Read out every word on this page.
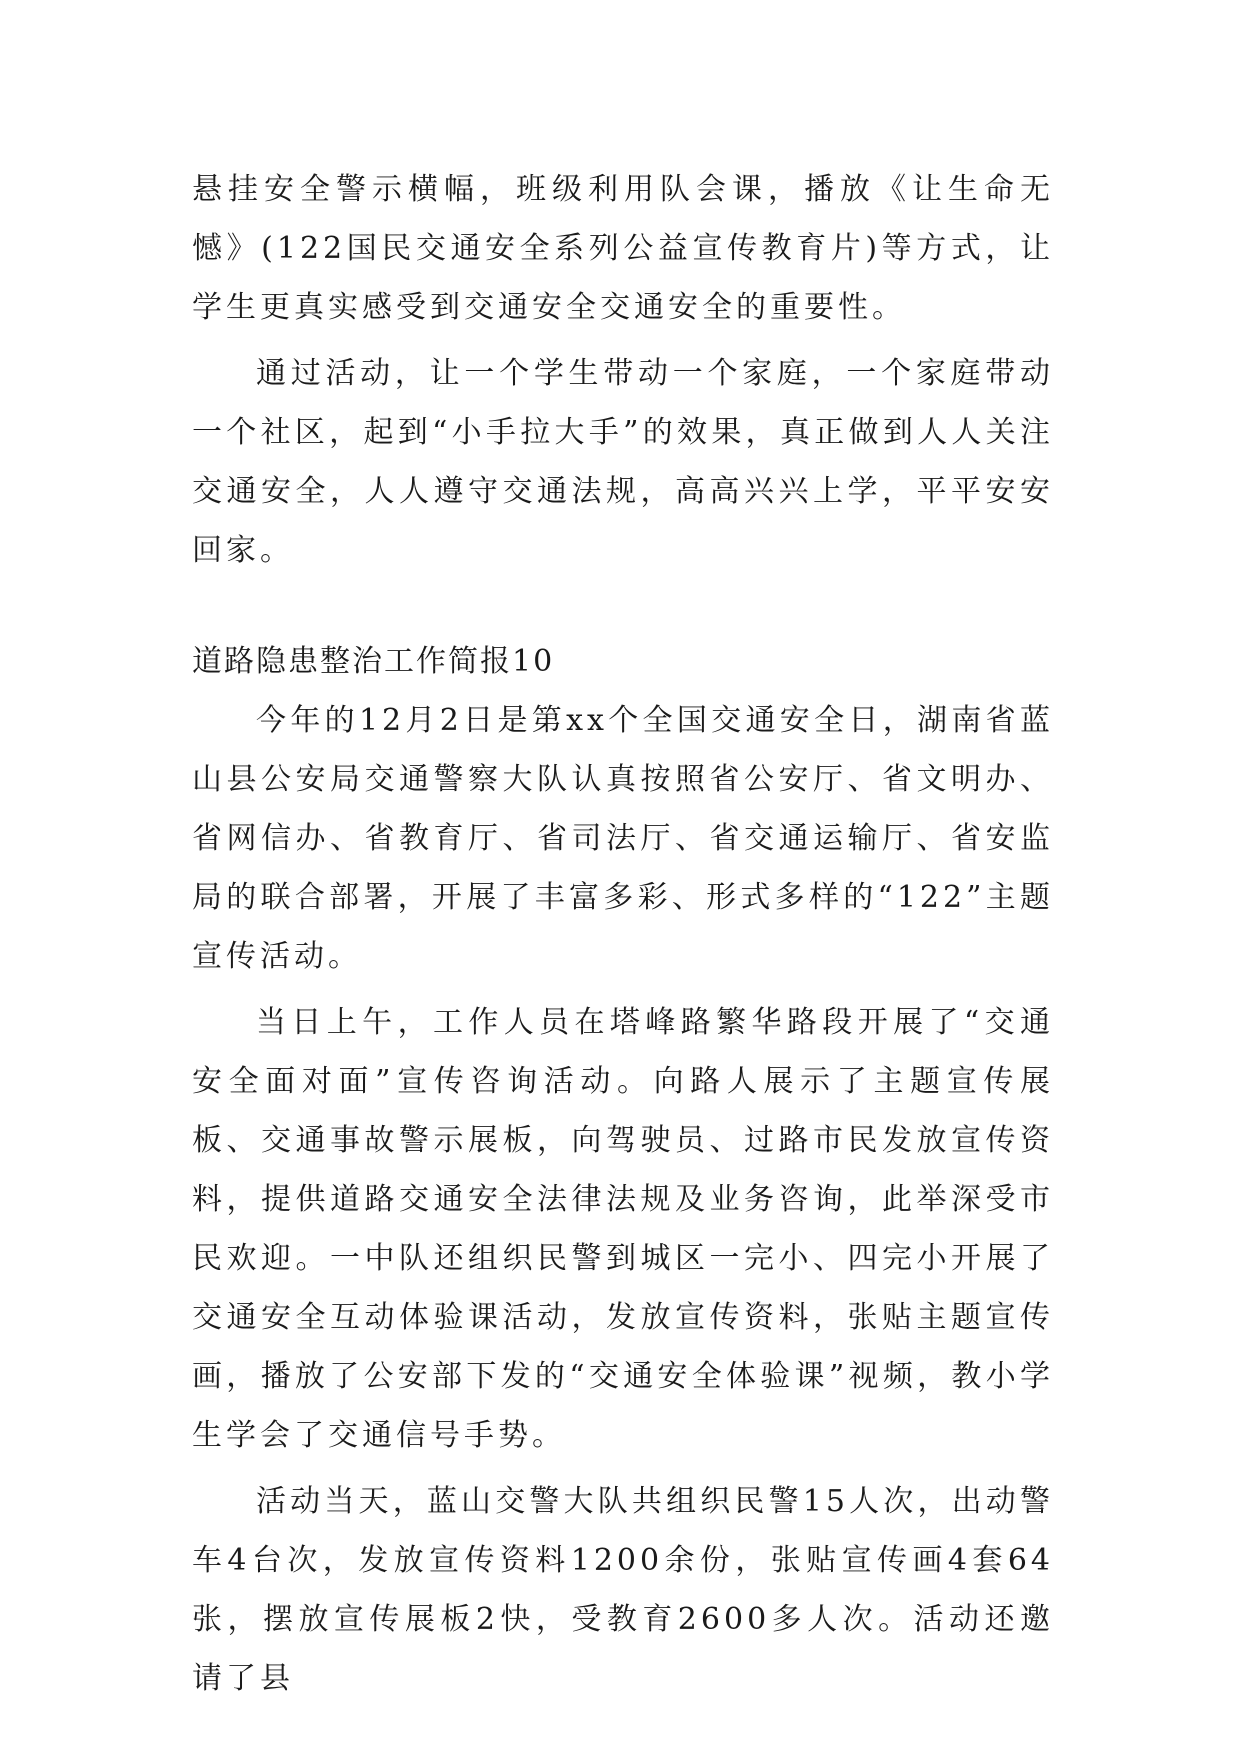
悬挂安全警示横幅，班级利用队会课，播放《让生命无憾》(122国民交通安全系列公益宣传教育片)等方式，让学生更真实感受到交通安全交通安全的重要性。

通过活动，让一个学生带动一个家庭，一个家庭带动一个社区，起到“小手拉大手”的效果，真正做到人人关注交通安全，人人遵守交通法规，高高兴兴上学，平平安安回家。

道路隐患整治工作简报10

今年的12月2日是第xx个全国交通安全日，湖南省蓝山县公安局交通警察大队认真按照省公安厅、省文明办、省网信办、省教育厅、省司法厅、省交通运输厅、省安监局的联合部署，开展了丰富多彩、形式多样的“122”主题宣传活动。

当日上午，工作人员在塔峰路繁华路段开展了“交通安全面对面”宣传咨询活动。向路人展示了主题宣传展板、交通事故警示展板，向驾驶员、过路市民发放宣传资料，提供道路交通安全法律法规及业务咨询，此举深受市民欢迎。一中队还组织民警到城区一完小、四完小开展了交通安全互动体验课活动，发放宣传资料，张贴主题宣传画，播放了公安部下发的“交通安全体验课”视频，教小学生学会了交通信号手势。

活动当天，蓝山交警大队共组织民警15人次，出动警车4台次，发放宣传资料1200余份，张贴宣传画4套64张，摆放宣传展板2快，受教育2600多人次。活动还邀请了县
